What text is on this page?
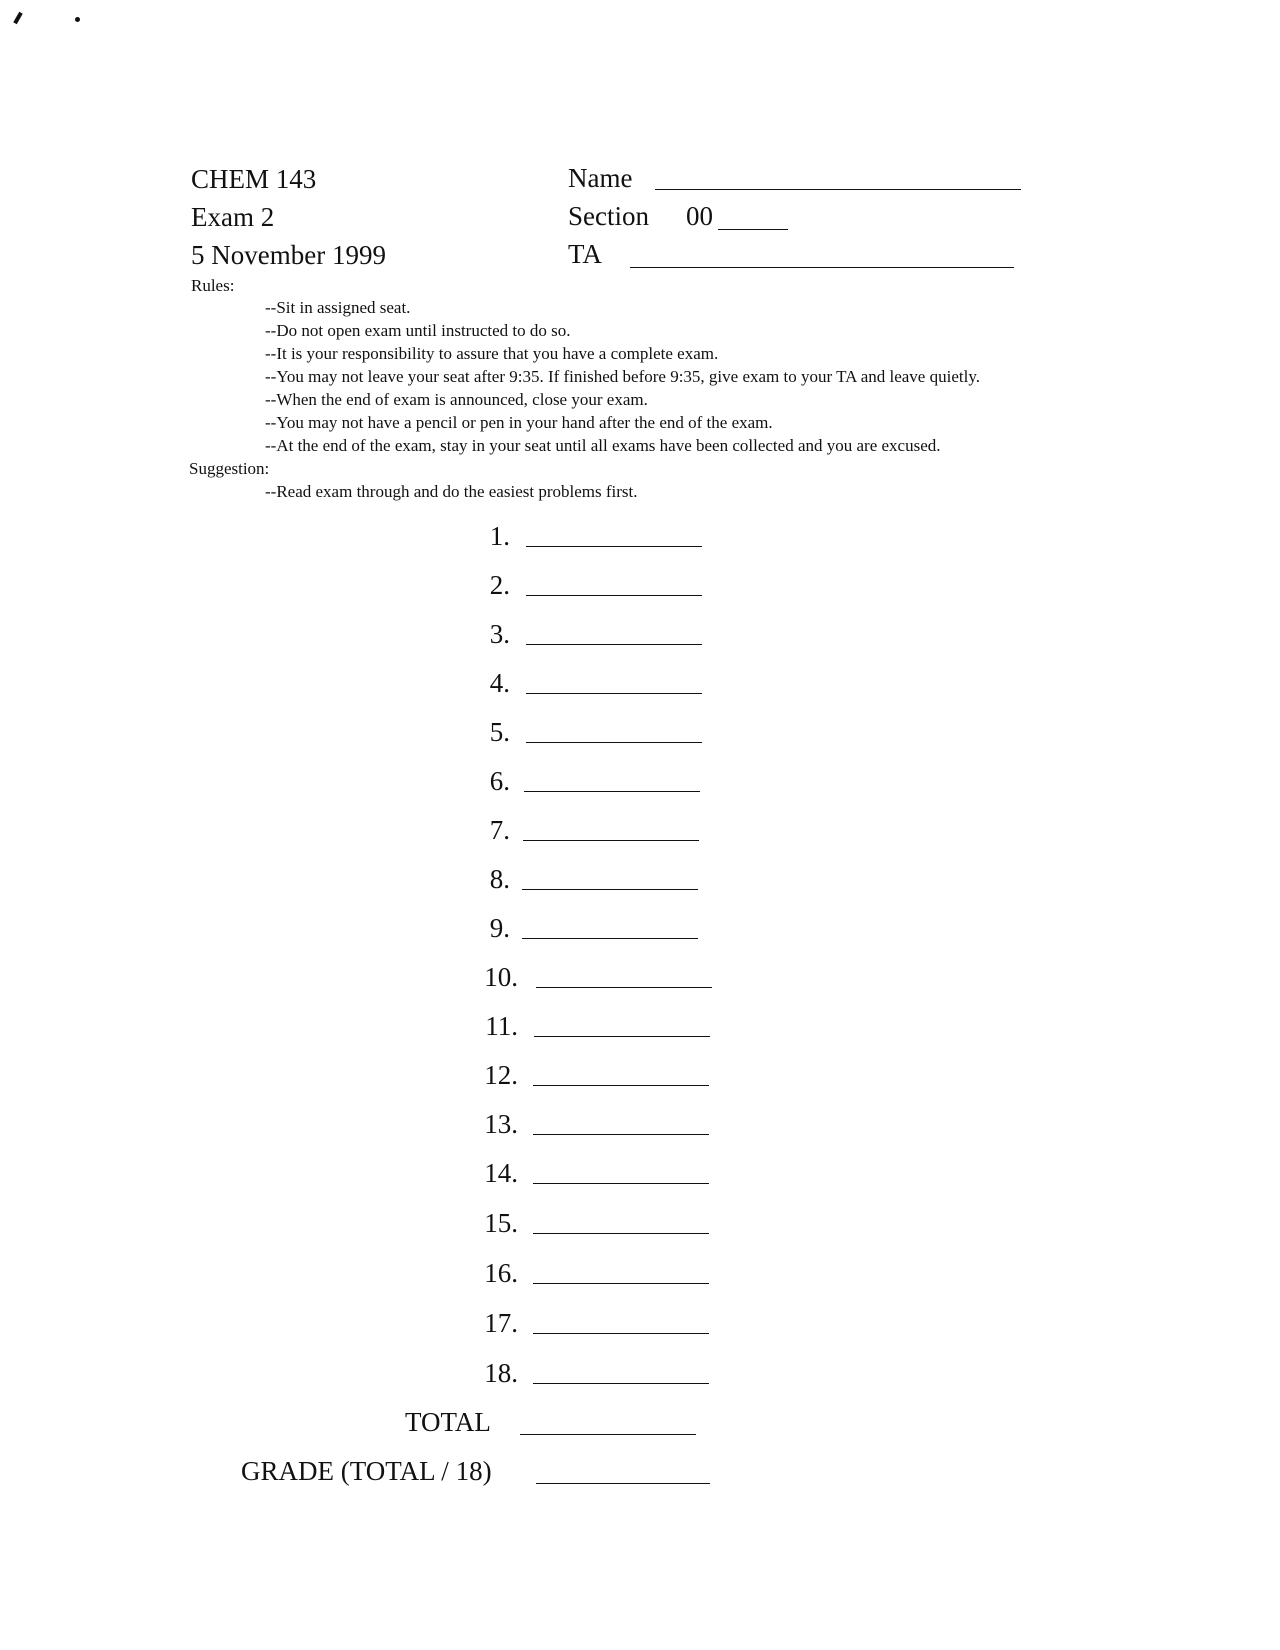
CHEM 143
Exam 2
5 November 1999
Name
Section 00
TA
Rules:
--Sit in assigned seat.
--Do not open exam until instructed to do so.
--It is your responsibility to assure that you have a complete exam.
--You may not leave your seat after 9:35. If finished before 9:35, give exam to your TA and leave quietly.
--When the end of exam is announced, close your exam.
--You may not have a pencil or pen in your hand after the end of the exam.
--At the end of the exam, stay in your seat until all exams have been collected and you are excused.
Suggestion:
--Read exam through and do the easiest problems first.
1.
2.
3.
4.
5.
6.
7.
8.
9.
10.
11.
12.
13.
14.
15.
16.
17.
18.
TOTAL
GRADE (TOTAL / 18)
